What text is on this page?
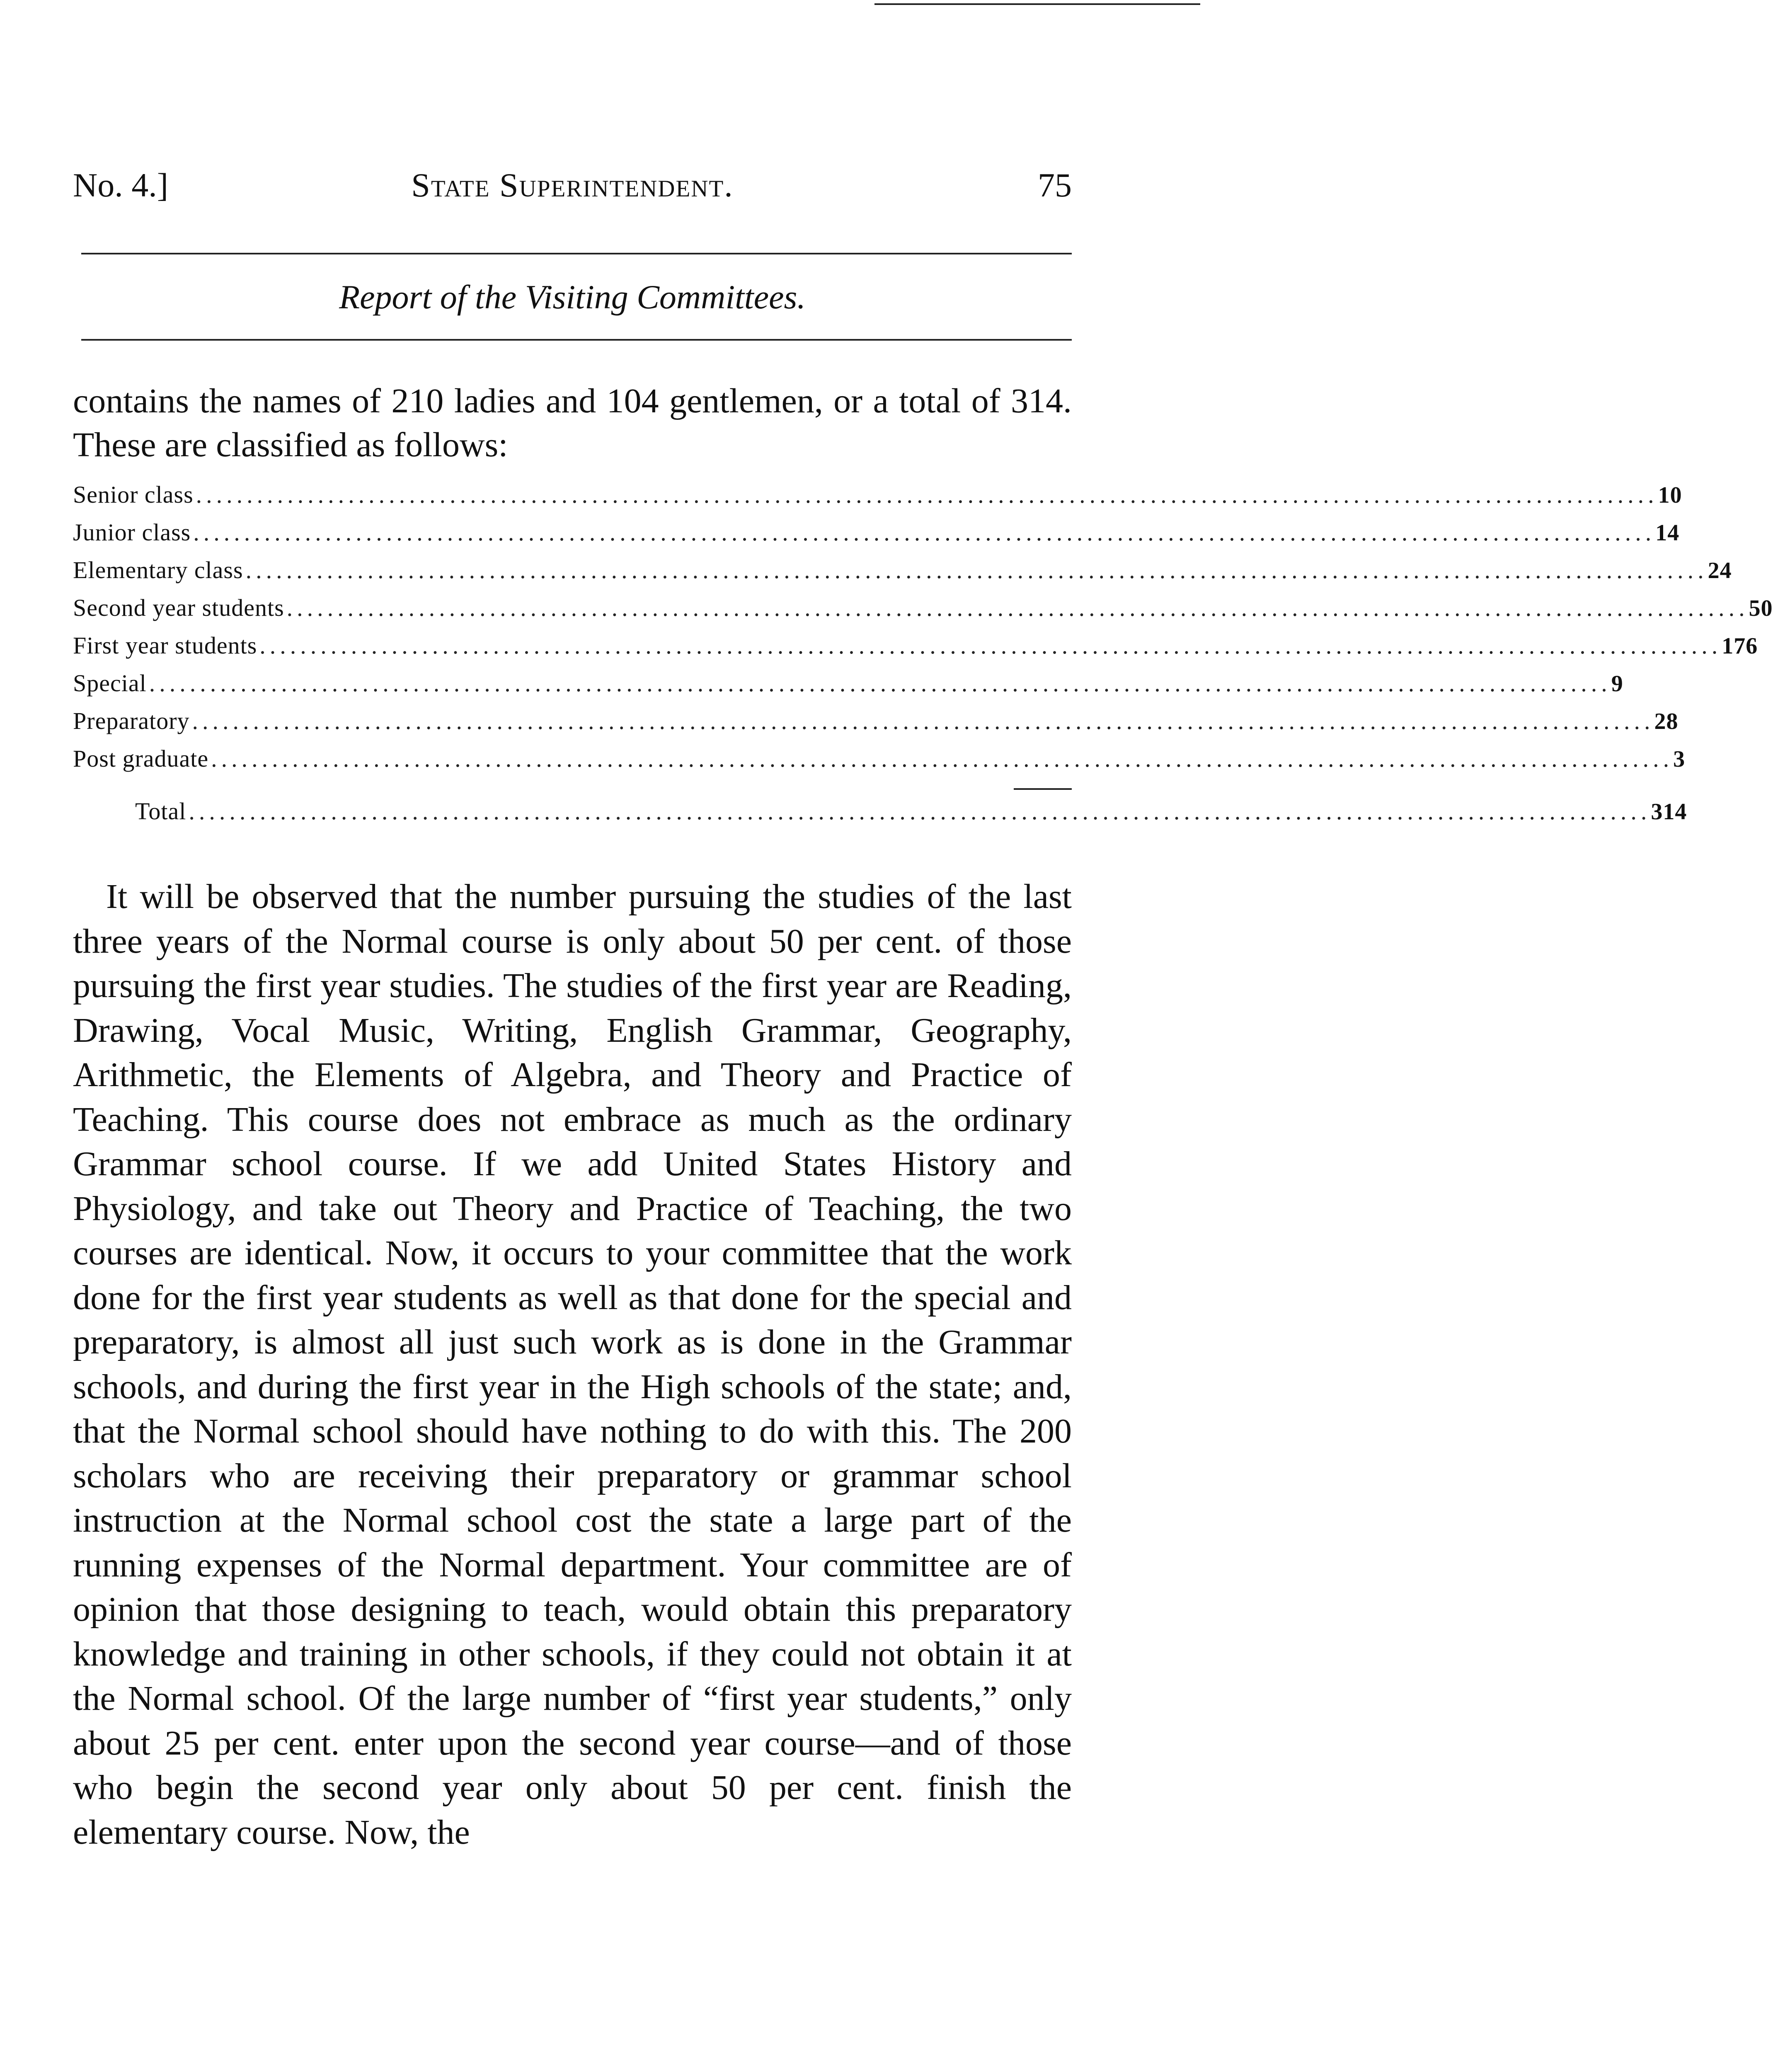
No. 4.]	State Superintendent.	75
Report of the Visiting Committees.

contains the names of 210 ladies and 104 gentlemen, or a total of 314. These are classified as follows:

Senior class ................................................................................................................................................ 10
Junior class ................................................................................................................................................ 14
Elementary class ................................................................................................................................................ 24
Second year students ................................................................................................................................................ 50
First year students ................................................................................................................................................ 176
Special ................................................................................................................................................ 9
Preparatory ................................................................................................................................................ 28
Post graduate ................................................................................................................................................ 3
Total ................................................................................................................................................ 314

It will be observed that the number pursuing the studies of the last three years of the Normal course is only about 50 per cent. of those pursuing the first year studies. The studies of the first year are Reading, Drawing, Vocal Music, Writing, English Grammar, Geography, Arithmetic, the Elements of Algebra, and Theory and Practice of Teaching. This course does not embrace as much as the ordinary Grammar school course. If we add United States History and Physiology, and take out Theory and Practice of Teaching, the two courses are identical. Now, it occurs to your committee that the work done for the first year students as well as that done for the special and preparatory, is almost all just such work as is done in the Grammar schools, and during the first year in the High schools of the state; and, that the Normal school should have nothing to do with this. The 200 scholars who are receiving their preparatory or grammar school instruction at the Normal school cost the state a large part of the running expenses of the Normal department. Your committee are of opinion that those designing to teach, would obtain this preparatory knowledge and training in other schools, if they could not obtain it at the Normal school. Of the large number of “first year students,” only about 25 per cent. enter upon the second year course—and of those who begin the second year only about 50 per cent. finish the elementary course. Now, the
